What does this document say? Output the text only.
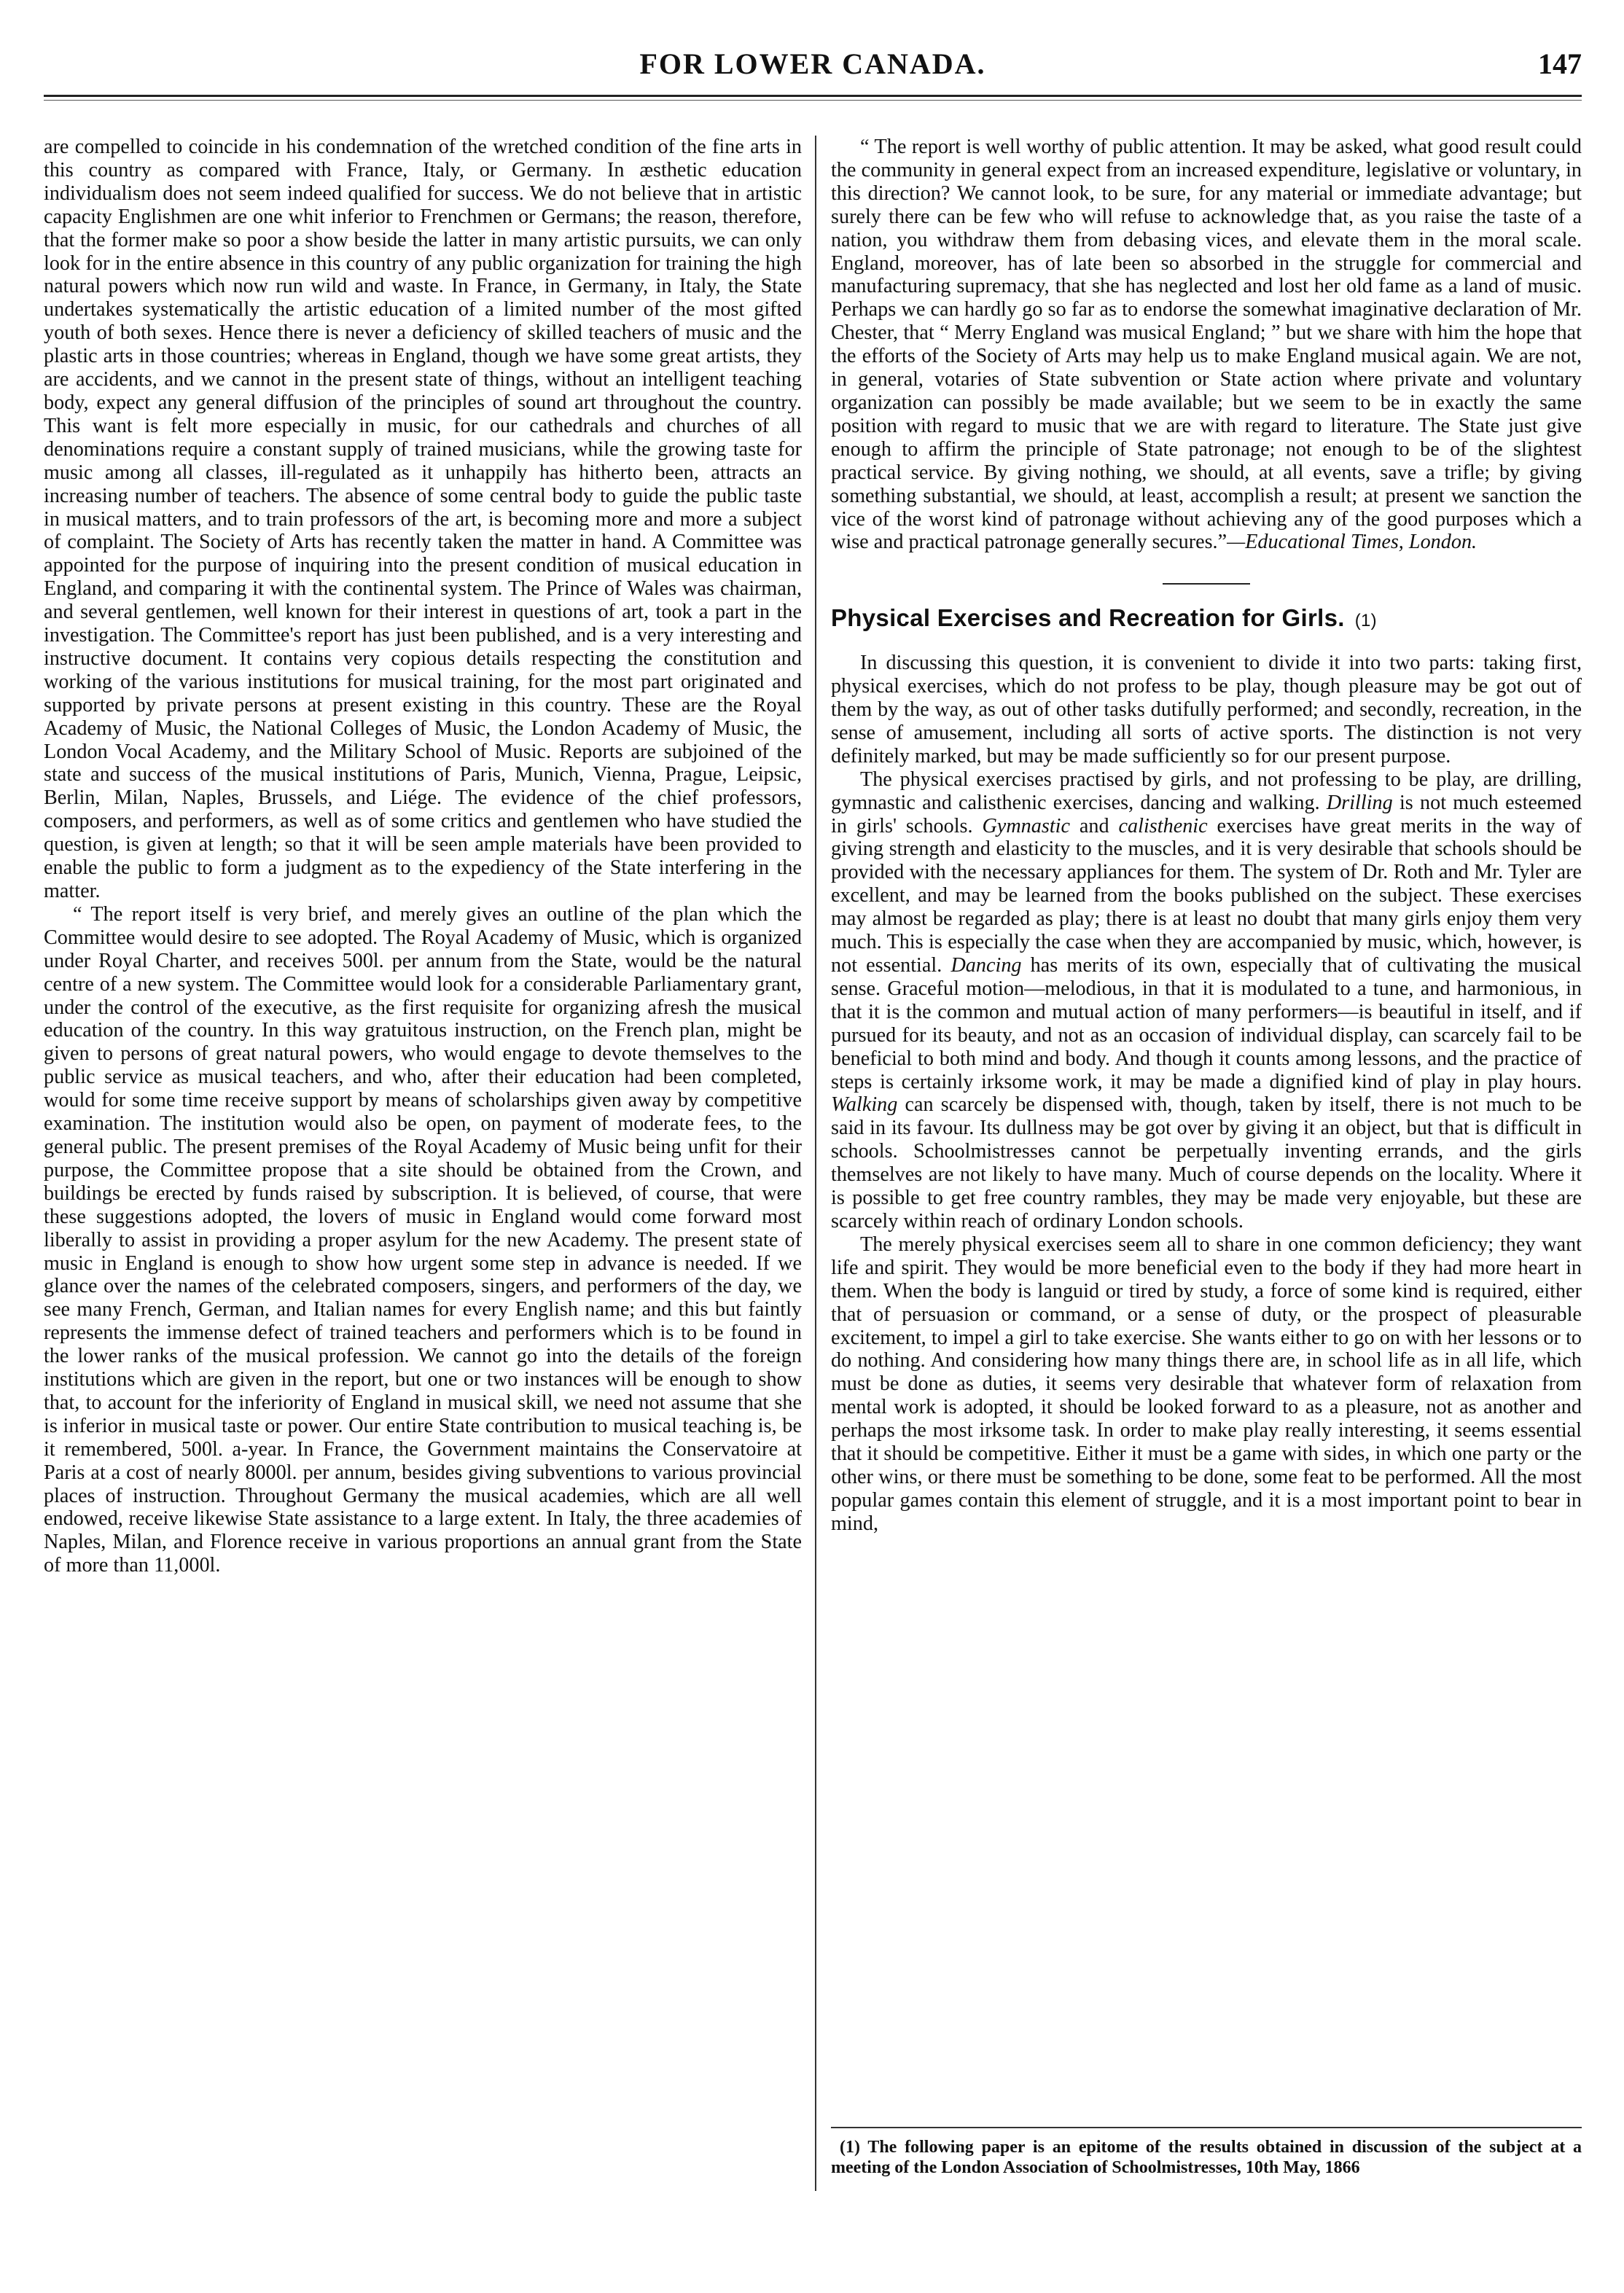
FOR LOWER CANADA.	147

are compelled to coincide in his condemnation of the wretched condition of the fine arts in this country as compared with France, Italy, or Germany. In æsthetic education individualism does not seem indeed qualified for success. We do not believe that in artistic capacity Englishmen are one whit inferior to Frenchmen or Germans; the reason, therefore, that the former make so poor a show beside the latter in many artistic pursuits, we can only look for in the entire absence in this country of any public organization for training the high natural powers which now run wild and waste. In France, in Germany, in Italy, the State undertakes systematically the artistic education of a limited number of the most gifted youth of both sexes. Hence there is never a deficiency of skilled teachers of music and the plastic arts in those countries; whereas in England, though we have some great artists, they are accidents, and we cannot in the present state of things, without an intelligent teaching body, expect any general diffusion of the principles of sound art throughout the country. This want is felt more especially in music, for our cathedrals and churches of all denominations require a constant supply of trained musicians, while the growing taste for music among all classes, ill-regulated as it unhappily has hitherto been, attracts an increasing number of teachers. The absence of some central body to guide the public taste in musical matters, and to train professors of the art, is becoming more and more a subject of complaint. The Society of Arts has recently taken the matter in hand. A Committee was appointed for the purpose of inquiring into the present condition of musical education in England, and comparing it with the continental system. The Prince of Wales was chairman, and several gentlemen, well known for their interest in questions of art, took a part in the investigation. The Committee's report has just been published, and is a very interesting and instructive document. It contains very copious details respecting the constitution and working of the various institutions for musical training, for the most part originated and supported by private persons at present existing in this country. These are the Royal Academy of Music, the National Colleges of Music, the London Academy of Music, the London Vocal Academy, and the Military School of Music. Reports are subjoined of the state and success of the musical institutions of Paris, Munich, Vienna, Prague, Leipsic, Berlin, Milan, Naples, Brussels, and Liége. The evidence of the chief professors, composers, and performers, as well as of some critics and gentlemen who have studied the question, is given at length; so that it will be seen ample materials have been provided to enable the public to form a judgment as to the expediency of the State interfering in the matter.

“ The report itself is very brief, and merely gives an outline of the plan which the Committee would desire to see adopted. The Royal Academy of Music, which is organized under Royal Charter, and receives 500l. per annum from the State, would be the natural centre of a new system. The Committee would look for a considerable Parliamentary grant, under the control of the executive, as the first requisite for organizing afresh the musical education of the country. In this way gratuitous instruction, on the French plan, might be given to persons of great natural powers, who would engage to devote themselves to the public service as musical teachers, and who, after their education had been completed, would for some time receive support by means of scholarships given away by competitive examination. The institution would also be open, on payment of moderate fees, to the general public. The present premises of the Royal Academy of Music being unfit for their purpose, the Committee propose that a site should be obtained from the Crown, and buildings be erected by funds raised by subscription. It is believed, of course, that were these suggestions adopted, the lovers of music in England would come forward most liberally to assist in providing a proper asylum for the new Academy. The present state of music in England is enough to show how urgent some step in advance is needed. If we glance over the names of the celebrated composers, singers, and performers of the day, we see many French, German, and Italian names for every English name; and this but faintly represents the immense defect of trained teachers and performers which is to be found in the lower ranks of the musical profession. We cannot go into the details of the foreign institutions which are given in the report, but one or two instances will be enough to show that, to account for the inferiority of England in musical skill, we need not assume that she is inferior in musical taste or power. Our entire State contribution to musical teaching is, be it remembered, 500l. a-year. In France, the Government maintains the Conservatoire at Paris at a cost of nearly 8000l. per annum, besides giving subventions to various provincial places of instruction. Throughout Germany the musical academies, which are all well endowed, receive likewise State assistance to a large extent. In Italy, the three academies of Naples, Milan, and Florence receive in various proportions an annual grant from the State of more than 11,000l.

“ The report is well worthy of public attention. It may be asked, what good result could the community in general expect from an increased expenditure, legislative or voluntary, in this direction? We cannot look, to be sure, for any material or immediate advantage; but surely there can be few who will refuse to acknowledge that, as you raise the taste of a nation, you withdraw them from debasing vices, and elevate them in the moral scale. England, moreover, has of late been so absorbed in the struggle for commercial and manufacturing supremacy, that she has neglected and lost her old fame as a land of music. Perhaps we can hardly go so far as to endorse the somewhat imaginative declaration of Mr. Chester, that “ Merry England was musical England; ” but we share with him the hope that the efforts of the Society of Arts may help us to make England musical again. We are not, in general, votaries of State subvention or State action where private and voluntary organization can possibly be made available; but we seem to be in exactly the same position with regard to music that we are with regard to literature. The State just give enough to affirm the principle of State patronage; not enough to be of the slightest practical service. By giving nothing, we should, at all events, save a trifle; by giving something substantial, we should, at least, accomplish a result; at present we sanction the vice of the worst kind of patronage without achieving any of the good purposes which a wise and practical patronage generally secures.”—Educational Times, London.

Physical Exercises and Recreation for Girls. (1)

In discussing this question, it is convenient to divide it into two parts: taking first, physical exercises, which do not profess to be play, though pleasure may be got out of them by the way, as out of other tasks dutifully performed; and secondly, recreation, in the sense of amusement, including all sorts of active sports. The distinction is not very definitely marked, but may be made sufficiently so for our present purpose.

The physical exercises practised by girls, and not professing to be play, are drilling, gymnastic and calisthenic exercises, dancing and walking. Drilling is not much esteemed in girls' schools. Gymnastic and calisthenic exercises have great merits in the way of giving strength and elasticity to the muscles, and it is very desirable that schools should be provided with the necessary appliances for them. The system of Dr. Roth and Mr. Tyler are excellent, and may be learned from the books published on the subject. These exercises may almost be regarded as play; there is at least no doubt that many girls enjoy them very much. This is especially the case when they are accompanied by music, which, however, is not essential. Dancing has merits of its own, especially that of cultivating the musical sense. Graceful motion—melodious, in that it is modulated to a tune, and harmonious, in that it is the common and mutual action of many performers—is beautiful in itself, and if pursued for its beauty, and not as an occasion of individual display, can scarcely fail to be beneficial to both mind and body. And though it counts among lessons, and the practice of steps is certainly irksome work, it may be made a dignified kind of play in play hours. Walking can scarcely be dispensed with, though, taken by itself, there is not much to be said in its favour. Its dullness may be got over by giving it an object, but that is difficult in schools. Schoolmistresses cannot be perpetually inventing errands, and the girls themselves are not likely to have many. Much of course depends on the locality. Where it is possible to get free country rambles, they may be made very enjoyable, but these are scarcely within reach of ordinary London schools.

The merely physical exercises seem all to share in one common deficiency; they want life and spirit. They would be more beneficial even to the body if they had more heart in them. When the body is languid or tired by study, a force of some kind is required, either that of persuasion or command, or a sense of duty, or the prospect of pleasurable excitement, to impel a girl to take exercise. She wants either to go on with her lessons or to do nothing. And considering how many things there are, in school life as in all life, which must be done as duties, it seems very desirable that whatever form of relaxation from mental work is adopted, it should be looked forward to as a pleasure, not as another and perhaps the most irksome task. In order to make play really interesting, it seems essential that it should be competitive. Either it must be a game with sides, in which one party or the other wins, or there must be something to be done, some feat to be performed. All the most popular games contain this element of struggle, and it is a most important point to bear in mind,

(1) The following paper is an epitome of the results obtained in discussion of the subject at a meeting of the London Association of Schoolmistresses, 10th May, 1866
